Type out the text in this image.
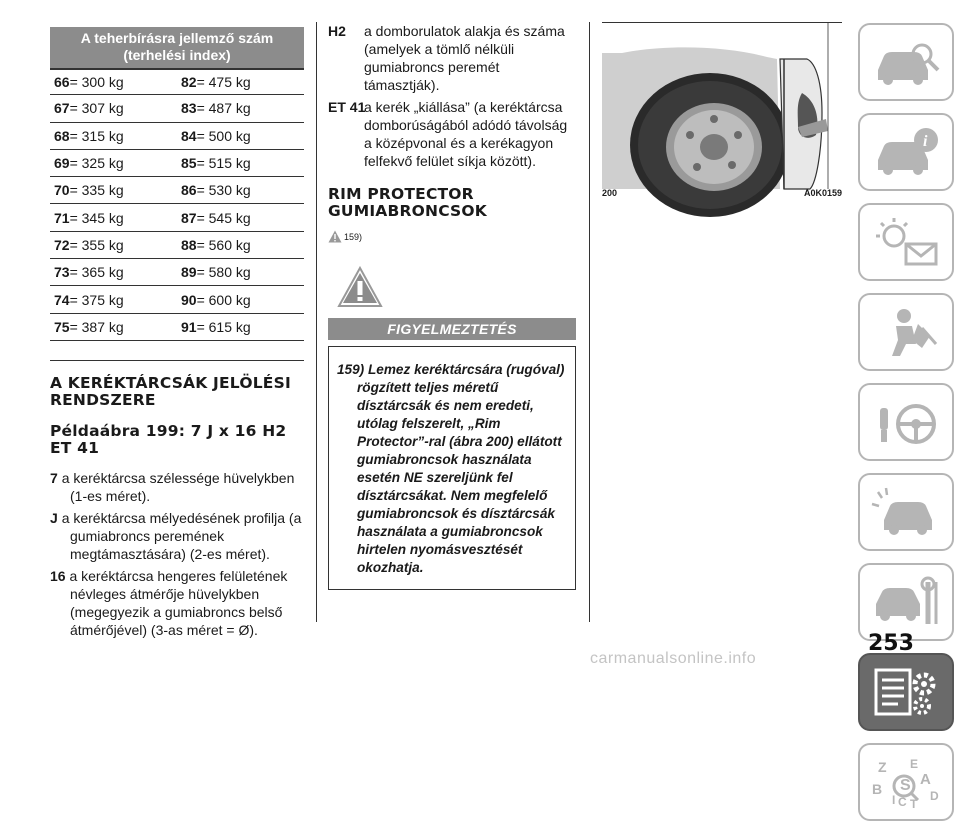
A teherbírásra jellemző szám (terhelési index)
66= 300 kg	82= 475 kg
67= 307 kg	83= 487 kg
68= 315 kg	84= 500 kg
69= 325 kg	85= 515 kg
70= 335 kg	86= 530 kg
71= 345 kg	87= 545 kg
72= 355 kg	88= 560 kg
73= 365 kg	89= 580 kg
74= 375 kg	90= 600 kg
75= 387 kg	91= 615 kg
A KERÉKTÁRCSÁK JELÖLÉSI RENDSZERE
Példaábra 199: 7 J x 16 H2 ET 41
7 a keréktárcsa szélessége hüvelykben (1-es méret).
J a keréktárcsa mélyedésének profilja (a gumiabroncs peremének megtámasztására) (2-es méret).
16 a keréktárcsa hengeres felületének névleges átmérője hüvelykben (megegyezik a gumiabroncs belső átmérőjével) (3-as méret = Ø).
H2 a domborulatok alakja és száma (amelyek a tömlő nélküli gumiabroncs peremét támasztják).
ET 41
a kerék „kiállása” (a keréktárcsa domborúságából adódó távolság a középvonal és a kerékagyon felfekvő felület síkja között).
RIM PROTECTOR GUMIABRONCSOK
159)
FIGYELMEZTETÉS

159) Lemez keréktárcsára (rugóval) rögzített teljes méretű dísztárcsák és nem eredeti, utólag felszerelt, „Rim Protector”-ral (ábra 200) ellátott gumiabroncsok használata esetén NE szereljünk fel dísztárcsákat. Nem megfelelő gumiabroncsok és dísztárcsák használata a gumiabroncsok hirtelen nyomásvesztését okozhatja.

200	A0K0159
i
Z E
A
B
I C T
D
S
253
carmanualsonline.info
